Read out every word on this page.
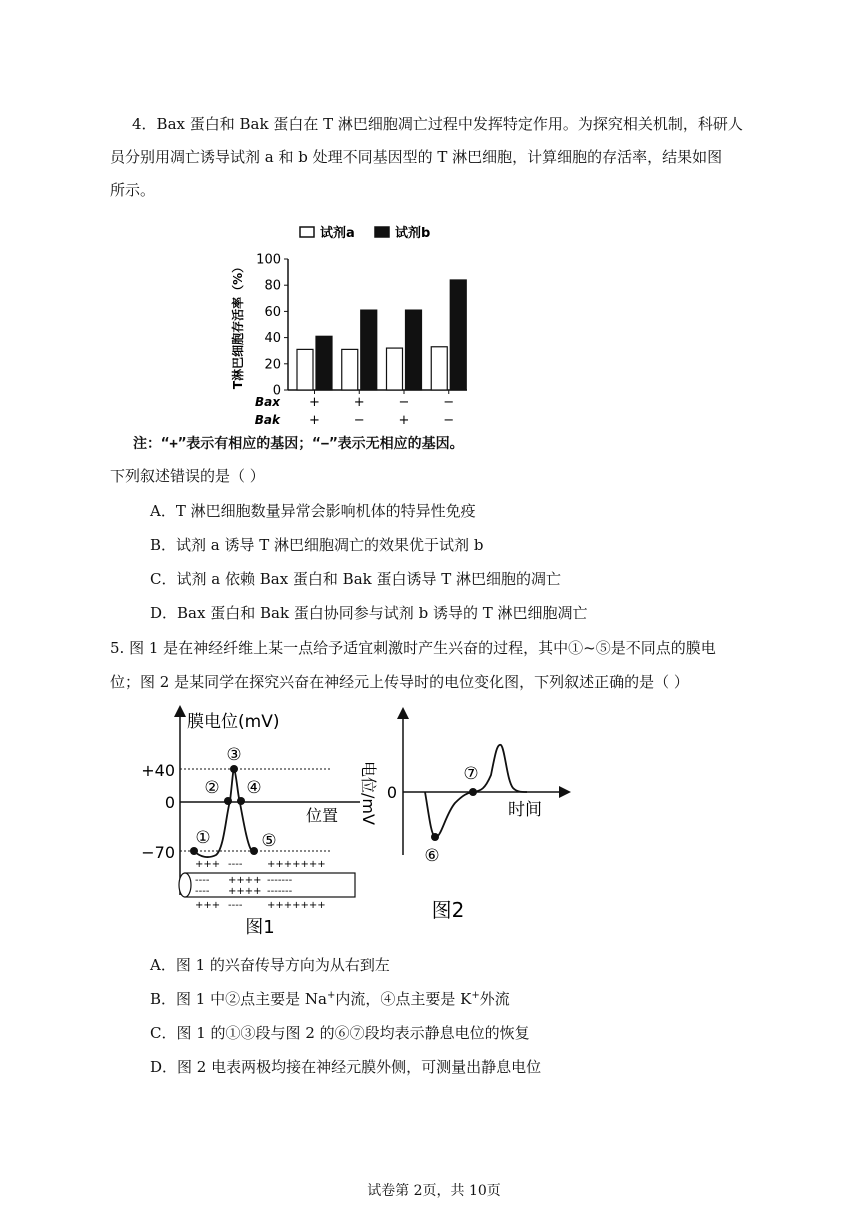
4．Bax 蛋白和 Bak 蛋白在 T 淋巴细胞凋亡过程中发挥特定作用。为探究相关机制，科研人
员分别用凋亡诱导试剂 a 和 b 处理不同基因型的 T 淋巴细胞，计算细胞的存活率，结果如图
所示。
试剂a	试剂b
T淋巴细胞存活率（%）
0
20
40
60
80
100
Bax +	+	−	−
Bak +	−	+	−
注：“+”表示有相应的基因；“−”表示无相应的基因。
下列叙述错误的是（ ）
A．T 淋巴细胞数量异常会影响机体的特异性免疫
B．试剂 a 诱导 T 淋巴细胞凋亡的效果优于试剂 b
C．试剂 a 依赖 Bax 蛋白和 Bak 蛋白诱导 T 淋巴细胞的凋亡
D．Bax 蛋白和 Bak 蛋白协同参与试剂 b 诱导的 T 淋巴细胞凋亡
5. 图 1 是在神经纤维上某一点给予适宜刺激时产生兴奋的过程，其中①~⑤是不同点的膜电
位；图 2 是某同学在探究兴奋在神经元上传导时的电位变化图，下列叙述正确的是（ ）
膜电位(mV)
位置
+40
0
−70
①
②
③
④
⑤
+++ ---- +++++++
---- ++++ -------
---- ++++ -------
+++ ---- +++++++
图1
电位/mV 0
时间
⑥
⑦
图2
A．图 1 的兴奋传导方向为从右到左
B．图 1 中②点主要是 Na+内流，④点主要是 K+外流
C．图 1 的①③段与图 2 的⑥⑦段均表示静息电位的恢复
D．图 2 电表两极均接在神经元膜外侧，可测量出静息电位
试卷第 2页，共 10页
